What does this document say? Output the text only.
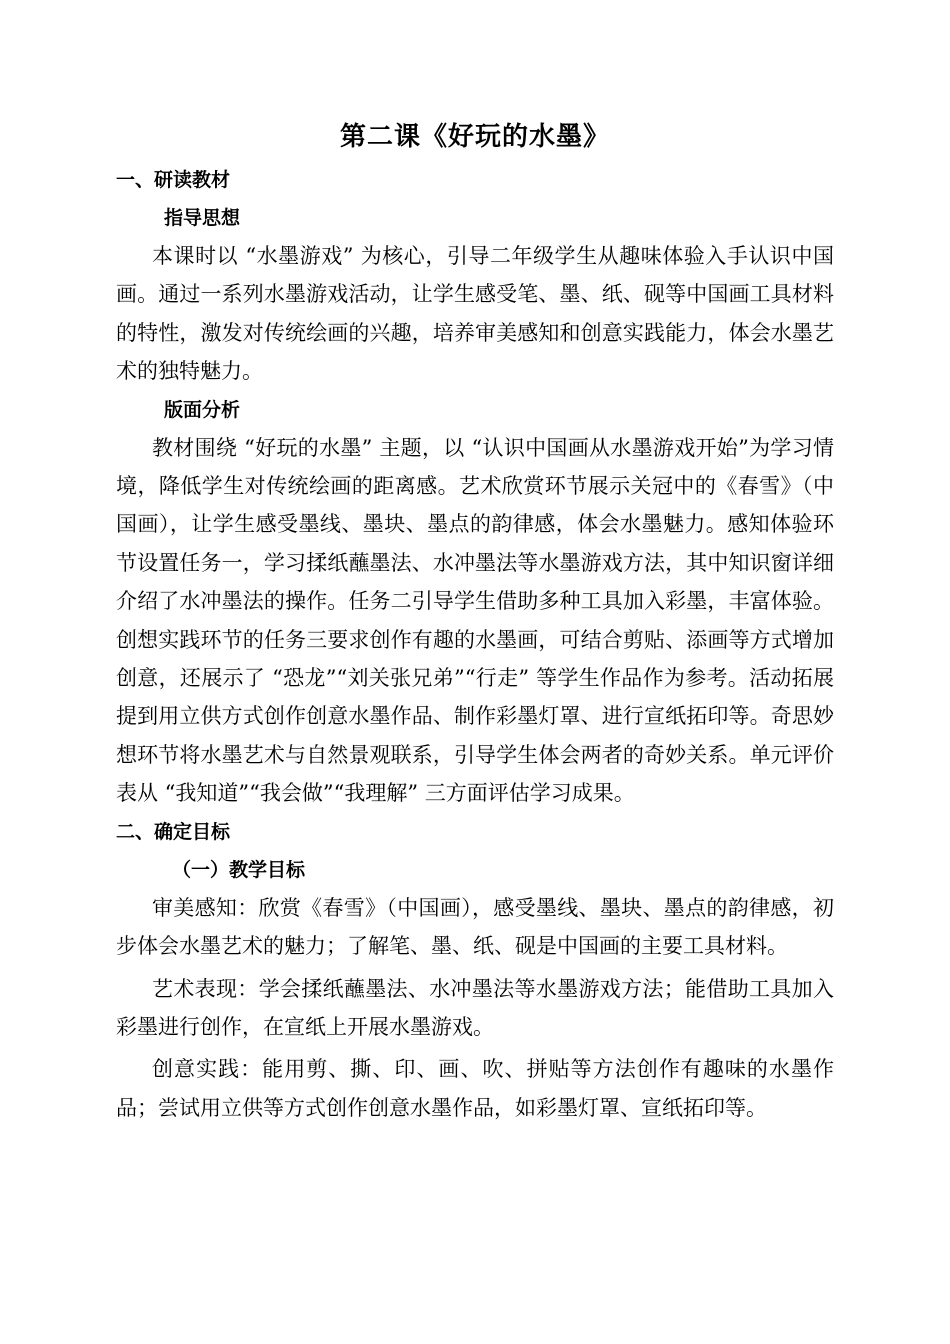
第二课《好玩的水墨》
一、研读教材
指导思想

本课时以 “水墨游戏” 为核心，引导二年级学生从趣味体验入手认识中国画。通过一系列水墨游戏活动，让学生感受笔、墨、纸、砚等中国画工具材料的特性，激发对传统绘画的兴趣，培养审美感知和创意实践能力，体会水墨艺术的独特魅力。

版面分析

教材围绕 “好玩的水墨” 主题，以 “认识中国画从水墨游戏开始”为学习情境，降低学生对传统绘画的距离感。艺术欣赏环节展示关冠中的《春雪》（中国画），让学生感受墨线、墨块、墨点的韵律感，体会水墨魅力。感知体验环节设置任务一，学习揉纸蘸墨法、水冲墨法等水墨游戏方法，其中知识窗详细介绍了水冲墨法的操作。任务二引导学生借助多种工具加入彩墨，丰富体验。创想实践环节的任务三要求创作有趣的水墨画，可结合剪贴、添画等方式增加创意，还展示了 “恐龙”“刘关张兄弟”“行走” 等学生作品作为参考。活动拓展提到用立供方式创作创意水墨作品、制作彩墨灯罩、进行宣纸拓印等。奇思妙想环节将水墨艺术与自然景观联系，引导学生体会两者的奇妙关系。单元评价表从 “我知道”“我会做”“我理解” 三方面评估学习成果。

二、确定目标
（一）教学目标

审美感知：欣赏《春雪》（中国画），感受墨线、墨块、墨点的韵律感，初步体会水墨艺术的魅力；了解笔、墨、纸、砚是中国画的主要工具材料。

艺术表现：学会揉纸蘸墨法、水冲墨法等水墨游戏方法；能借助工具加入彩墨进行创作，在宣纸上开展水墨游戏。

创意实践：能用剪、撕、印、画、吹、拼贴等方法创作有趣味的水墨作品；尝试用立供等方式创作创意水墨作品，如彩墨灯罩、宣纸拓印等。
